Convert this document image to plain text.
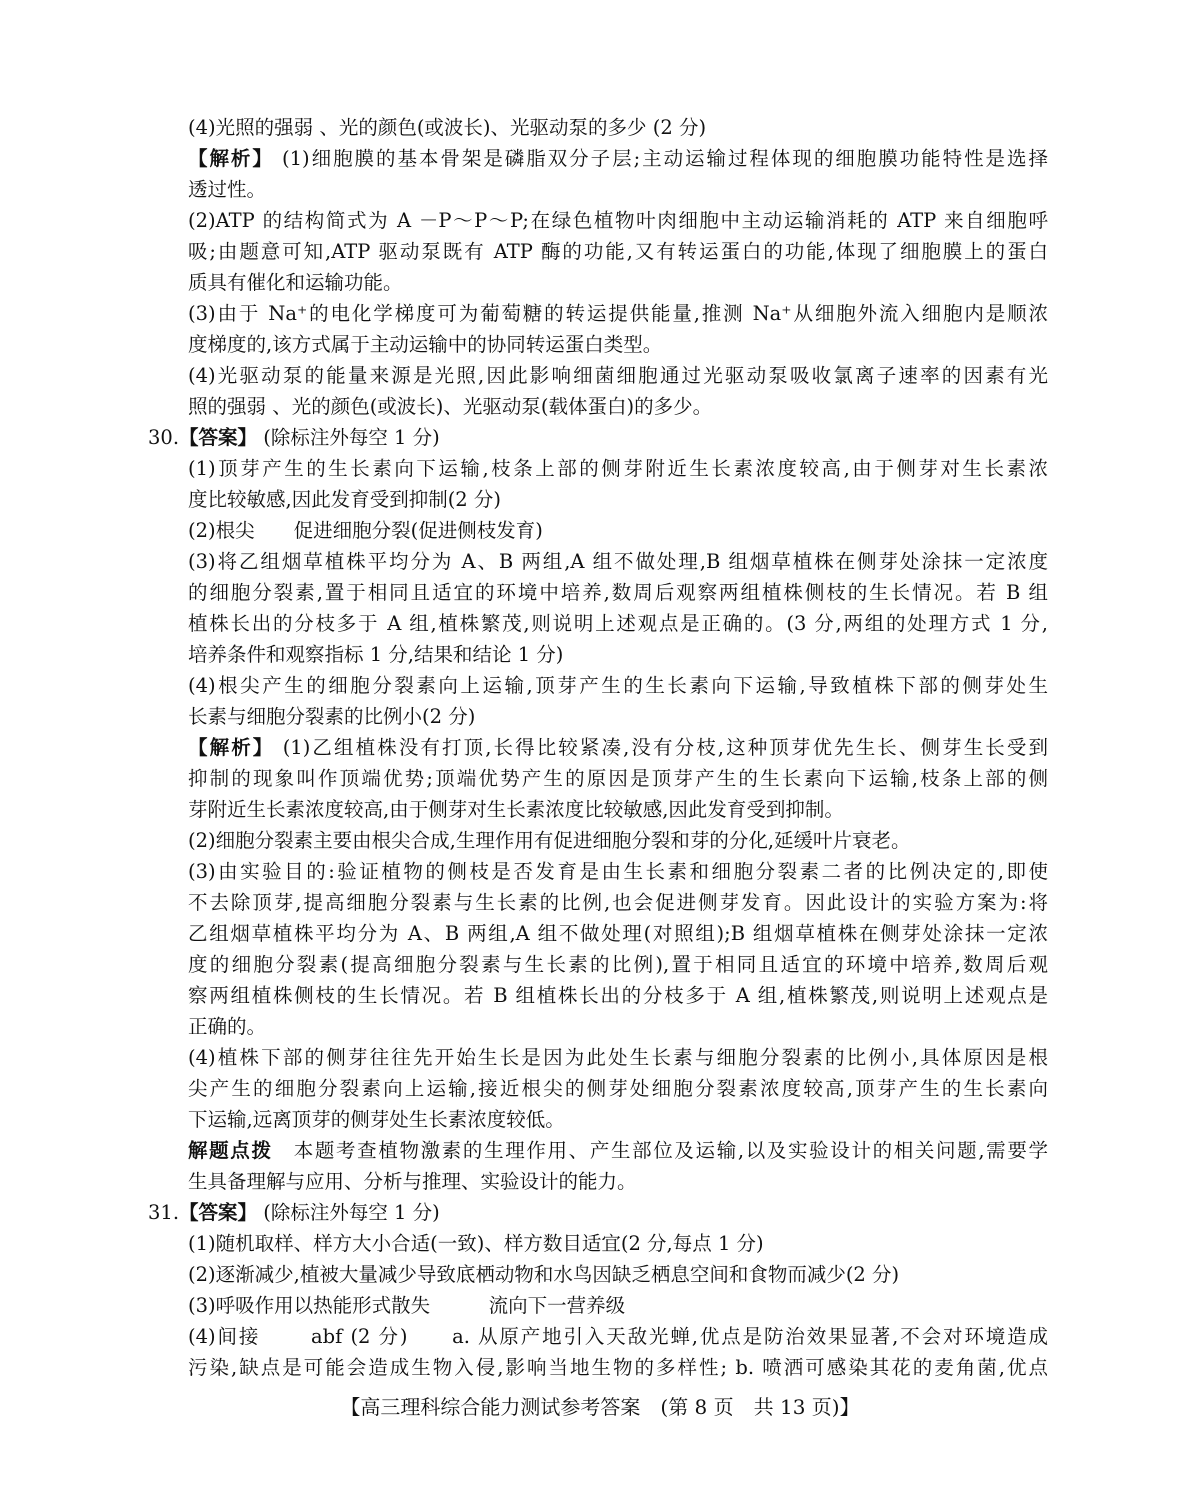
(4)光照的强弱 、光的颜色(或波长)、光驱动泵的多少 (2 分)
【解析】 (1)细胞膜的基本骨架是磷脂双分子层;主动运输过程体现的细胞膜功能特性是选择
透过性。
(2)ATP 的结构简式为 A －P～P～P;在绿色植物叶肉细胞中主动运输消耗的 ATP 来自细胞呼
吸;由题意可知,ATP 驱动泵既有 ATP 酶的功能,又有转运蛋白的功能,体现了细胞膜上的蛋白
质具有催化和运输功能。
(3)由于 Na⁺的电化学梯度可为葡萄糖的转运提供能量,推测 Na⁺从细胞外流入细胞内是顺浓
度梯度的,该方式属于主动运输中的协同转运蛋白类型。
(4)光驱动泵的能量来源是光照,因此影响细菌细胞通过光驱动泵吸收氯离子速率的因素有光
照的强弱 、光的颜色(或波长)、光驱动泵(载体蛋白)的多少。
30.【答案】 (除标注外每空 1 分)
(1)顶芽产生的生长素向下运输,枝条上部的侧芽附近生长素浓度较高,由于侧芽对生长素浓
度比较敏感,因此发育受到抑制(2 分)
(2)根尖　　促进细胞分裂(促进侧枝发育)
(3)将乙组烟草植株平均分为 A、B 两组,A 组不做处理,B 组烟草植株在侧芽处涂抹一定浓度
的细胞分裂素,置于相同且适宜的环境中培养,数周后观察两组植株侧枝的生长情况。若 B 组
植株长出的分枝多于 A 组,植株繁茂,则说明上述观点是正确的。(3 分,两组的处理方式 1 分,
培养条件和观察指标 1 分,结果和结论 1 分)
(4)根尖产生的细胞分裂素向上运输,顶芽产生的生长素向下运输,导致植株下部的侧芽处生
长素与细胞分裂素的比例小(2 分)
【解析】 (1)乙组植株没有打顶,长得比较紧凑,没有分枝,这种顶芽优先生长、侧芽生长受到
抑制的现象叫作顶端优势;顶端优势产生的原因是顶芽产生的生长素向下运输,枝条上部的侧
芽附近生长素浓度较高,由于侧芽对生长素浓度比较敏感,因此发育受到抑制。
(2)细胞分裂素主要由根尖合成,生理作用有促进细胞分裂和芽的分化,延缓叶片衰老。
(3)由实验目的:验证植物的侧枝是否发育是由生长素和细胞分裂素二者的比例决定的,即使
不去除顶芽,提高细胞分裂素与生长素的比例,也会促进侧芽发育。因此设计的实验方案为:将
乙组烟草植株平均分为 A、B 两组,A 组不做处理(对照组);B 组烟草植株在侧芽处涂抹一定浓
度的细胞分裂素(提高细胞分裂素与生长素的比例),置于相同且适宜的环境中培养,数周后观
察两组植株侧枝的生长情况。若 B 组植株长出的分枝多于 A 组,植株繁茂,则说明上述观点是
正确的。
(4)植株下部的侧芽往往先开始生长是因为此处生长素与细胞分裂素的比例小,具体原因是根
尖产生的细胞分裂素向上运输,接近根尖的侧芽处细胞分裂素浓度较高,顶芽产生的生长素向
下运输,远离顶芽的侧芽处生长素浓度较低。
解题点拨　本题考查植物激素的生理作用、产生部位及运输,以及实验设计的相关问题,需要学
生具备理解与应用、分析与推理、实验设计的能力。
31.【答案】 (除标注外每空 1 分)
(1)随机取样、样方大小合适(一致)、样方数目适宜(2 分,每点 1 分)
(2)逐渐减少,植被大量减少导致底栖动物和水鸟因缺乏栖息空间和食物而减少(2 分)
(3)呼吸作用以热能形式散失　　　流向下一营养级
(4)间接　　 abf (2 分)　　a. 从原产地引入天敌光蝉,优点是防治效果显著,不会对环境造成
污染,缺点是可能会造成生物入侵,影响当地生物的多样性; b. 喷洒可感染其花的麦角菌,优点
【高三理科综合能力测试参考答案　(第 8 页　共 13 页)】
